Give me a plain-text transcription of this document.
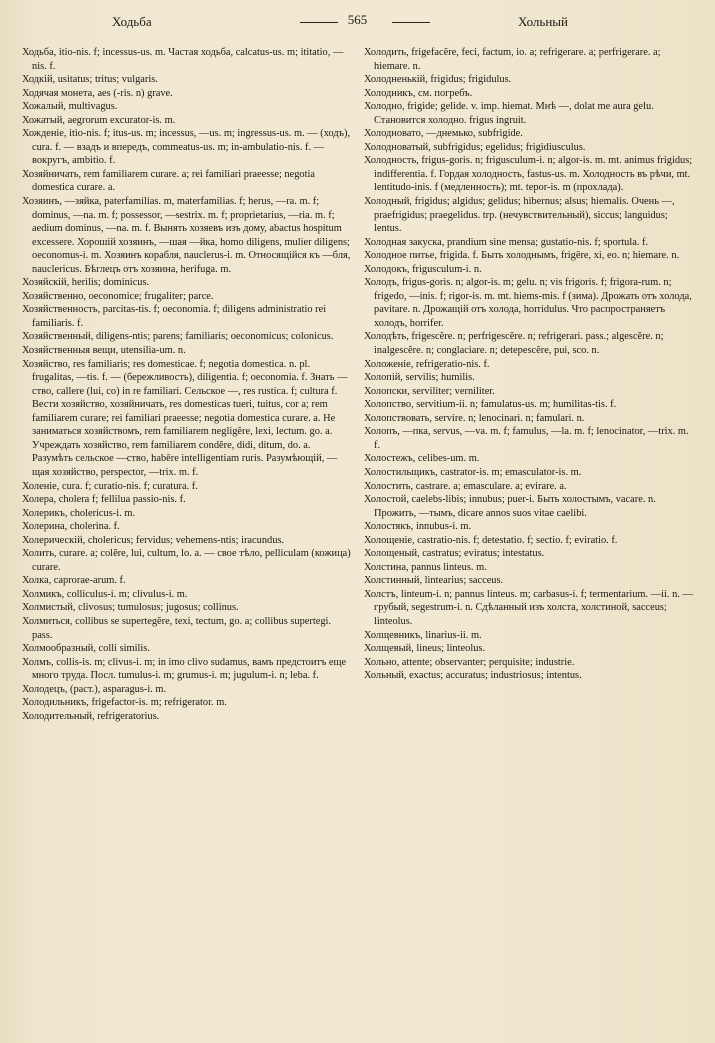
Ходьба	565	Хольный

Ходьба, itio-nis. f; incessus-us. m. Частая ходьба, calcatus-us. m; ititatio, —nis. f.

Ходкій, usitatus; tritus; vulgaris.

Ходячая монета, aes (-ris. n) grave.

Хожалый, multivagus.

Хожатый, aegrorum excurator-is. m.

Хожденіе, itio-nis. f; itus-us. m; incessus, —us. m; ingressus-us. m. — (ходъ), cura. f. — взадъ и впередъ, commeatus-us. m; in-ambulatio-nis. f. — вокругъ, ambitio. f.

Хозяйничать, rem familiarem curare. a; rei familiari praeesse; negotia domestica curare. a.

Хозяинъ, —зяйка, paterfamilias. m, materfamilias. f; herus, —ra. m. f; dominus, —na. m. f; possessor, —sestrix. m. f; proprietarius, —ria. m. f; aedium dominus, —na. m. f. Вынять хозяевъ изъ дому, abactus hospitum excessere. Хорошій хозяинъ, —шая —йка, homo diligens, mulier diligens; oeconomus-i. m. Хозяинъ корабля, nauclerus-i. m. Относящійся къ —бля, nauclericus. Бѣглецъ отъ хозяина, herifuga. m.

Хозяйскій, herilis; dominicus.

Хозяйственно, oeconomice; frugaliter; parce.

Хозяйственность, parcitas-tis. f; oeconomia. f; diligens administratio rei familiaris. f.

Хозяйственный, diligens-ntis; parens; familiaris; oeconomicus; colonicus.

Хозяйственныя вещи, utensilia-um. n.

Хозяйство, res familiaris; res domesticae. f; negotia domestica. n. pl. frugalitas, —tis. f. — (бережливость), diligentia. f; oeconomia. f. Знать —ство, callere (lui, со) in re familiari. Сельское —, res rustica. f; cultura f. Вести хозяйство, хозяйничать, res domesticas tueri, tuitus, cor a; rem familiarem curare; rei familiari praeesse; negotia domestica curare. a. Не заниматься хозяйствомъ, rem familiarem negligĕre, lexi, lectum. go. a. Учреждать хозяйство, rem familiarem condĕre, didi, ditum, do. a. Разумѣть сельское —ство, habēre intelligentiam ruris. Разумѣющій, —щая хозяйство, perspector, —trix. m. f.

Холеніе, cura. f; curatio-nis. f; curatura. f.

Холера, cholera f; fellilua passio-nis. f.

Холерикъ, cholericus-i. m.

Холерина, cholerina. f.

Холерическій, cholericus; fervidus; vehemens-ntis; iracundus.

Холить, curare. a; colĕre, lui, cultum, lo. a. — свое тѣло, pelliculam (кожица) curare.

Холка, caprorae-arum. f.

Холмикъ, colliculus-i. m; clivulus-i. m.

Холмистый, clivosus; tumulosus; jugosus; collinus.

Холмиться, collibus se supertegĕre, texi, tectum, go. a; collibus supertegi. pass.

Холмообразный, colli similis.

Холмъ, collis-is. m; clivus-i. m; in imo clivo sudamus, вамъ предстоитъ еще много труда. Посл. tumulus-i. m; grumus-i. m; jugulum-i. n; leba. f.

Холодецъ, (раст.), asparagus-i. m.

Холодильникъ, frigefactor-is. m; refrigerator. m.

Холодительный, refrigeratorius.

Холодить, frigefacĕre, feci, factum, io. a; refrigerare. a; perfrigerare. a; hiemare. n.

Холодненькій, frigidus; frigidulus.

Холодникъ, см. погребъ.

Холодно, frigide; gelide. v. imp. hiemat. Мнѣ —, dolat me aura gelu. Становится холодно. frigus ingruit.

Холодноватo, —днемько, subfrigide.

Холодноватый, subfrigidus; egelidus; frigidiusculus.

Холодность, frigus-goris. n; frigusculum-i. n; algor-is. m. mt. animus frigidus; indifferentia. f. Гордая холодность, fastus-us. m. Холодность въ рѣчи, mt. lentitudo-inis. f (медленность); mt. tepor-is. m (прохлада).

Холодный, frigidus; algidus; gelidus; hibernus; alsus; hiemalis. Очень —, praefrigidus; praegelidus. trp. (нечувствительный), siccus; languidus; lentus.

Холодная закуска, prandium sine mensa; gustatio-nis. f; sportula. f.

Холодное питье, frigida. f. Быть холоднымъ, frigēre, xi, eo. n; hiemare. n.

Холодокъ, frigusculum-i. n.

Холодъ, frigus-goris. n; algor-is. m; gelu. n; vis frigoris. f; frigora-rum. n; frigedo, —inis. f; rigor-is. m. mt. hiems-mis. f (зима). Дрожать отъ холода, pavitare. n. Дрожащій отъ холода, horridulus. Что распространяетъ холодъ, horrifer.

Холодѣть, frigescĕre. n; perfrigescĕre. n; refrigerari. pass.; algescĕre. n; inalgescĕre. n; conglaciare. n; detepescĕre, pui, sco. n.

Холоженіе, refrigeratio-nis. f.

Холопій, servilis; humilis.

Холопски, serviliter; verniliter.

Холопство, servitium-ii. n; famulatus-us. m; humilitas-tis. f.

Холопствовать, servire. n; lenocinari. n; famulari. n.

Холопъ, —пка, servus, —va. m. f; famulus, —la. m. f; lenocinator, —trix. m. f.

Холостежъ, celibes-um. m.

Холостильщикъ, castrator-is. m; emasculator-is. m.

Холостить, castrare. a; emasculare. a; evirare. a.

Холостой, caelebs-libis; innubus; puer-i. Быть холостымъ, vacare. n. Прожить, —тымъ, dicare annos suos vitae caelibi.

Холостякъ, innubus-i. m.

Холощеніе, castratio-nis. f; detestatio. f; sectio. f; eviratio. f.

Холощеный, castratus; eviratus; intestatus.

Холстина, pannus linteus. m.

Холстинный, lintearius; sacceus.

Холстъ, linteum-i. n; pannus linteus. m; carbasus-i. f; termentarium. —ii. n. — грубый, segestrum-i. n. Сдѣланный изъ холста, холстиной, sacceus; linteolus.

Холщевникъ, linarius-ii. m.

Холщевый, lineus; linteolus.

Хольно, attente; observanter; perquisite; industrie.

Хольный, exactus; accuratus; industriosus; intentus.
